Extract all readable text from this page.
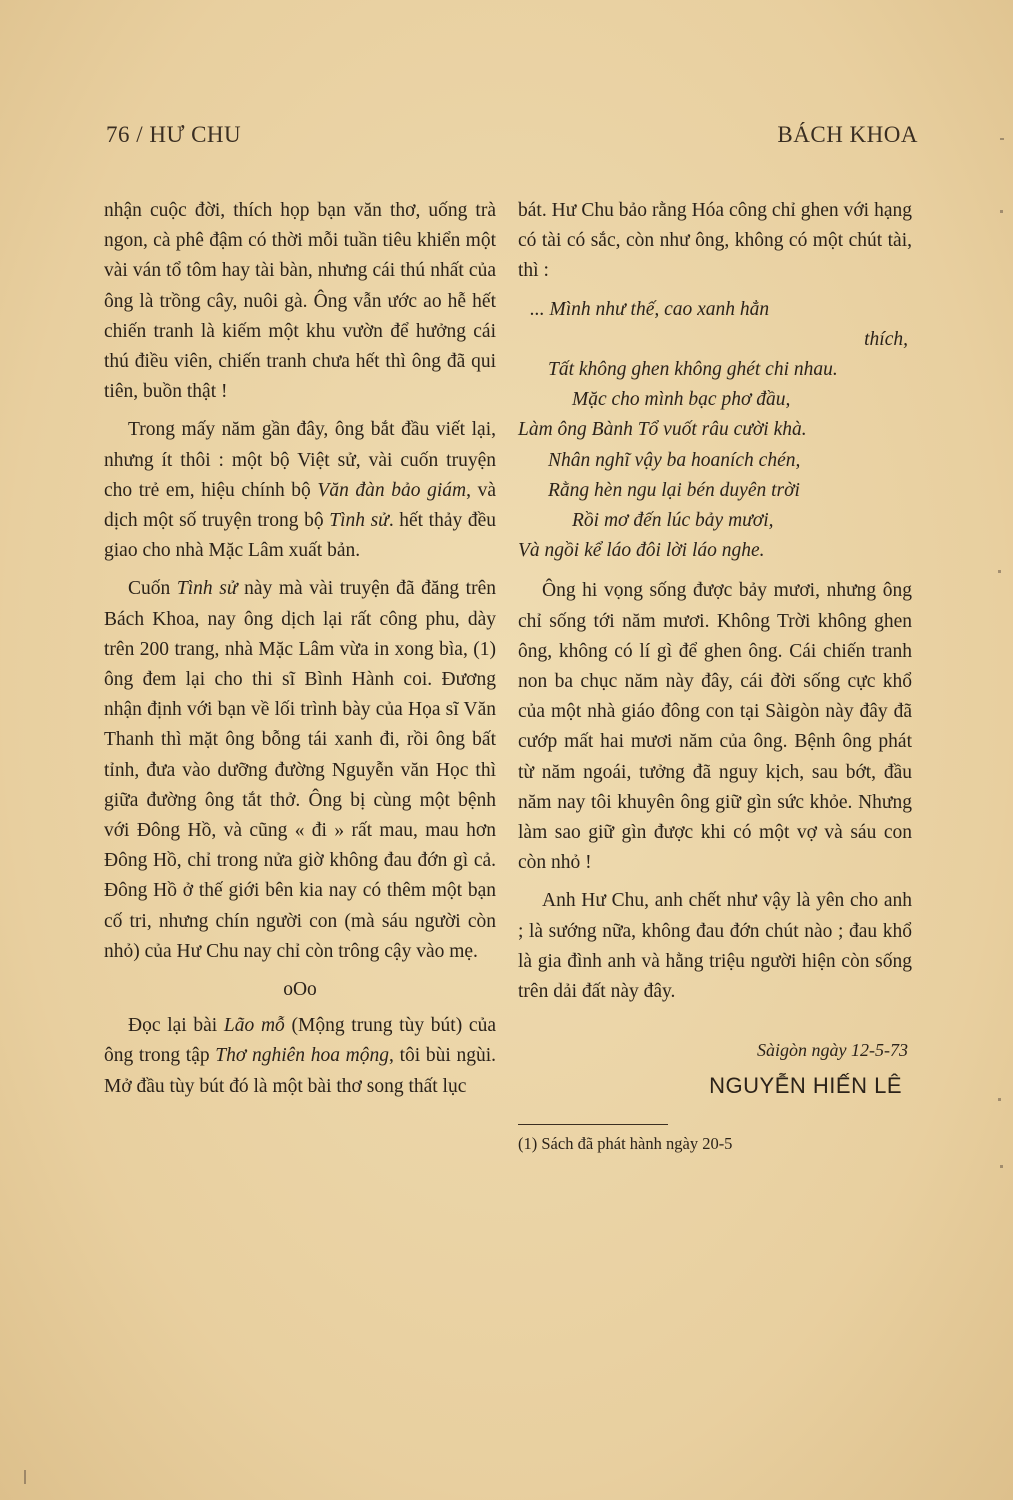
76 / HƯ CHU	BÁCH KHOA

nhận cuộc đời, thích họp bạn văn thơ, uống trà ngon, cà phê đậm có thời mỗi tuần tiêu khiển một vài ván tổ tôm hay tài bàn, nhưng cái thú nhất của ông là trồng cây, nuôi gà. Ông vẫn ước ao hễ hết chiến tranh là kiếm một khu vườn để hưởng cái thú điều viên, chiến tranh chưa hết thì ông đã qui tiên, buồn thật !

Trong mấy năm gần đây, ông bắt đầu viết lại, nhưng ít thôi : một bộ Việt sử, vài cuốn truyện cho trẻ em, hiệu chính bộ Văn đàn bảo giám, và dịch một số truyện trong bộ Tình sử. hết thảy đều giao cho nhà Mặc Lâm xuất bản.

Cuốn Tình sử này mà vài truyện đã đăng trên Bách Khoa, nay ông dịch lại rất công phu, dày trên 200 trang, nhà Mặc Lâm vừa in xong bìa, (1) ông đem lại cho thi sĩ Bình Hành coi. Đương nhận định với bạn về lối trình bày của Họa sĩ Văn Thanh thì mặt ông bỗng tái xanh đi, rồi ông bất tỉnh, đưa vào dưỡng đường Nguyễn văn Học thì giữa đường ông tắt thở. Ông bị cùng một bệnh với Đông Hồ, và cũng « đi » rất mau, mau hơn Đông Hồ, chỉ trong nửa giờ không đau đớn gì cả. Đông Hồ ở thế giới bên kia nay có thêm một bạn cố tri, nhưng chín người con (mà sáu người còn nhỏ) của Hư Chu nay chỉ còn trông cậy vào mẹ.

oOo

Đọc lại bài Lão mỗ (Mộng trung tùy bút) của ông trong tập Thơ nghiên hoa mộng, tôi bùi ngùi. Mở đầu tùy bút đó là một bài thơ song thất lục

bát. Hư Chu bảo rằng Hóa công chỉ ghen với hạng có tài có sắc, còn như ông, không có một chút tài, thì :

... Mình như thế, cao xanh hẳn
thích,
Tất không ghen không ghét chi nhau.
Mặc cho mình bạc phơ đầu,
Làm ông Bành Tổ vuốt râu cười khà.
Nhân nghĩ vậy ba hoaních chén,
Rằng hèn ngu lại bén duyên trời
Rồi mơ đến lúc bảy mươi,
Và ngồi kể láo đôi lời láo nghe.

Ông hi vọng sống được bảy mươi, nhưng ông chỉ sống tới năm mươi. Không Trời không ghen ông, không có lí gì để ghen ông. Cái chiến tranh non ba chục năm này đây, cái đời sống cực khổ của một nhà giáo đông con tại Sàigòn này đây đã cướp mất hai mươi năm của ông. Bệnh ông phát từ năm ngoái, tưởng đã nguy kịch, sau bớt, đầu năm nay tôi khuyên ông giữ gìn sức khỏe. Nhưng làm sao giữ gìn được khi có một vợ và sáu con còn nhỏ !

Anh Hư Chu, anh chết như vậy là yên cho anh ; là sướng nữa, không đau đớn chút nào ; đau khổ là gia đình anh và hằng triệu người hiện còn sống trên dải đất này đây.

Sàigòn ngày 12-5-73
NGUYỄN HIẾN LÊ
(1) Sách đã phát hành ngày 20-5
